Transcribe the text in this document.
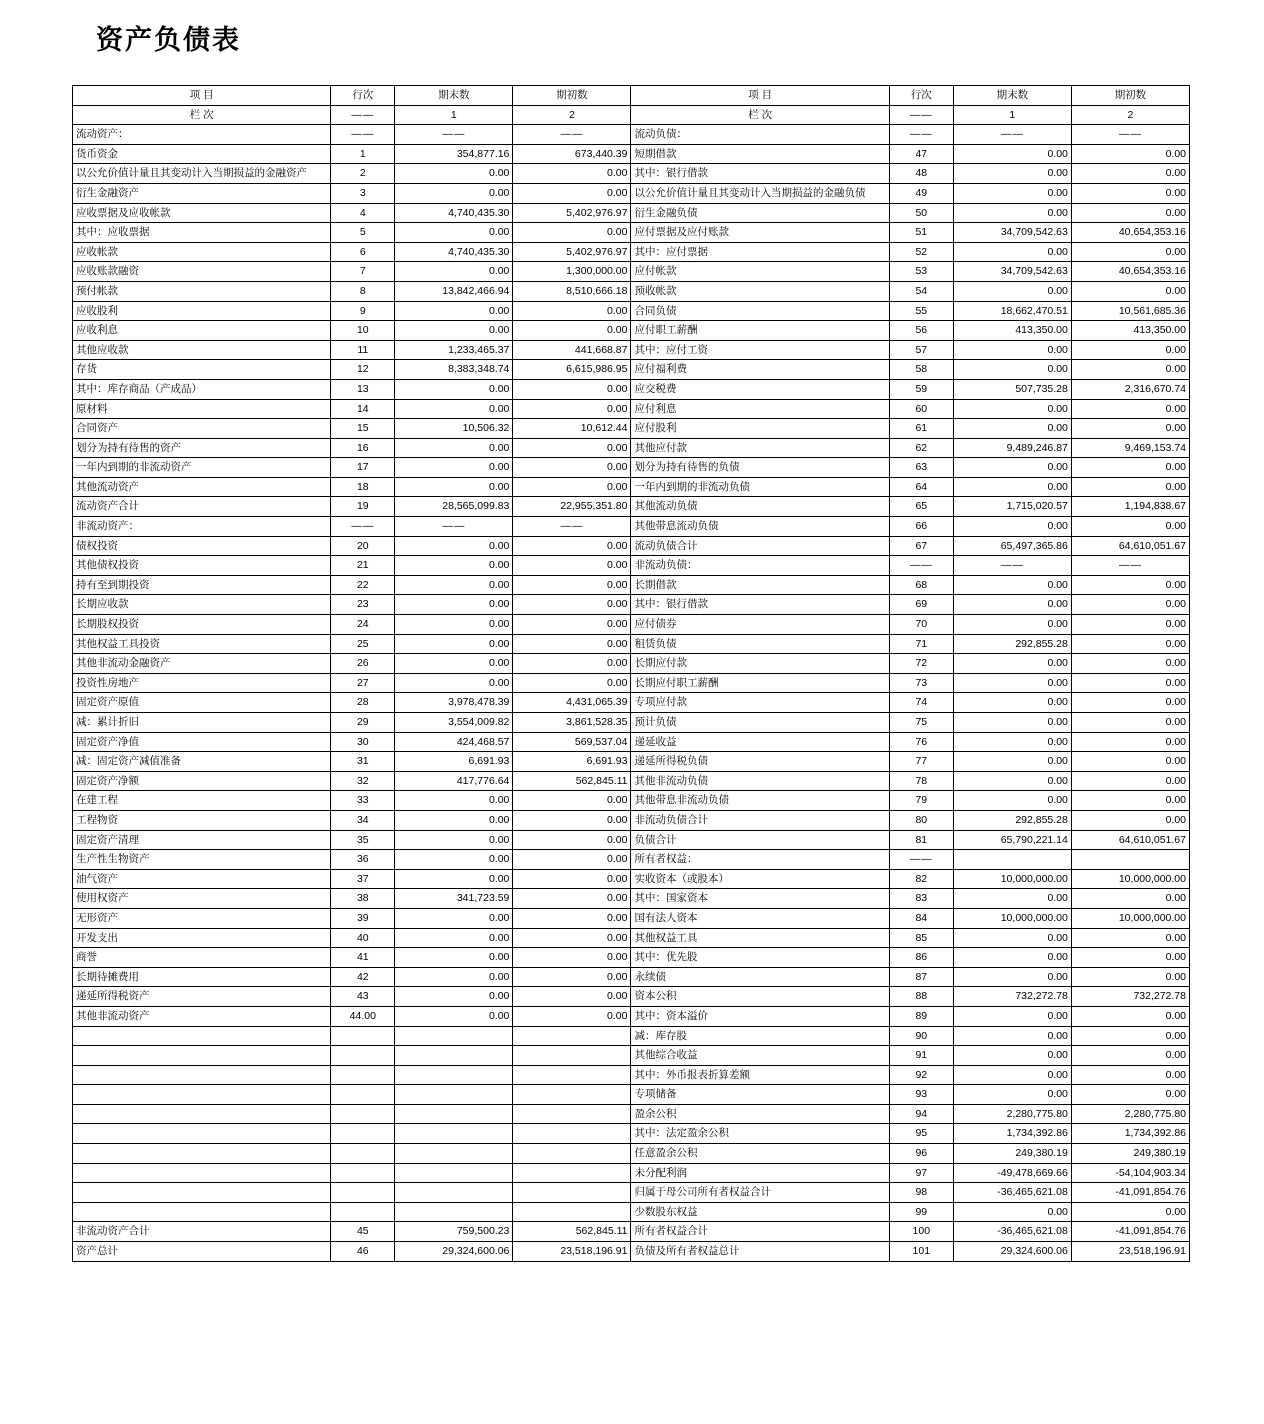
资产负债表
项 目	行次	期末数	期初数	项 目	行次	期末数	期初数
栏 次	——	1	2	栏 次	——	1	2
流动资产：	——	——	——	流动负债：	——	——	——
货币资金	1	354,877.16	673,440.39	短期借款	47	0.00	0.00
以公允价值计量且其变动计入当期损益的金融资产	2	0.00	0.00	其中：银行借款	48	0.00	0.00
衍生金融资产	3	0.00	0.00	以公允价值计量且其变动计入当期损益的金融负债	49	0.00	0.00
应收票据及应收帐款	4	4,740,435.30	5,402,976.97	衍生金融负债	50	0.00	0.00
其中：应收票据	5	0.00	0.00	应付票据及应付账款	51	34,709,542.63	40,654,353.16
应收帐款	6	4,740,435.30	5,402,976.97	其中：应付票据	52	0.00	0.00
应收账款融资	7	0.00	1,300,000.00	应付帐款	53	34,709,542.63	40,654,353.16
预付帐款	8	13,842,466.94	8,510,666.18	预收帐款	54	0.00	0.00
应收股利	9	0.00	0.00	合同负债	55	18,662,470.51	10,561,685.36
应收利息	10	0.00	0.00	应付职工薪酬	56	413,350.00	413,350.00
其他应收款	11	1,233,465.37	441,668.87	其中：应付工资	57	0.00	0.00
存货	12	8,383,348.74	6,615,986.95	应付福利费	58	0.00	0.00
其中：库存商品（产成品）	13	0.00	0.00	应交税费	59	507,735.28	2,316,670.74
原材料	14	0.00	0.00	应付利息	60	0.00	0.00
合同资产	15	10,506.32	10,612.44	应付股利	61	0.00	0.00
划分为持有待售的资产	16	0.00	0.00	其他应付款	62	9,489,246.87	9,469,153.74
一年内到期的非流动资产	17	0.00	0.00	划分为持有待售的负债	63	0.00	0.00
其他流动资产	18	0.00	0.00	一年内到期的非流动负债	64	0.00	0.00
流动资产合计	19	28,565,099.83	22,955,351.80	其他流动负债	65	1,715,020.57	1,194,838.67
非流动资产：	——	——	——	其他带息流动负债	66	0.00	0.00
债权投资	20	0.00	0.00	流动负债合计	67	65,497,365.86	64,610,051.67
其他债权投资	21	0.00	0.00	非流动负债：	——	——	——
持有至到期投资	22	0.00	0.00	长期借款	68	0.00	0.00
长期应收款	23	0.00	0.00	其中：银行借款	69	0.00	0.00
长期股权投资	24	0.00	0.00	应付债券	70	0.00	0.00
其他权益工具投资	25	0.00	0.00	租赁负债	71	292,855.28	0.00
其他非流动金融资产	26	0.00	0.00	长期应付款	72	0.00	0.00
投资性房地产	27	0.00	0.00	长期应付职工薪酬	73	0.00	0.00
固定资产原值	28	3,978,478.39	4,431,065.39	专项应付款	74	0.00	0.00
减：累计折旧	29	3,554,009.82	3,861,528.35	预计负债	75	0.00	0.00
固定资产净值	30	424,468.57	569,537.04	递延收益	76	0.00	0.00
减：固定资产减值准备	31	6,691.93	6,691.93	递延所得税负债	77	0.00	0.00
固定资产净额	32	417,776.64	562,845.11	其他非流动负债	78	0.00	0.00
在建工程	33	0.00	0.00	其他带息非流动负债	79	0.00	0.00
工程物资	34	0.00	0.00	非流动负债合计	80	292,855.28	0.00
固定资产清理	35	0.00	0.00	负债合计	81	65,790,221.14	64,610,051.67
生产性生物资产	36	0.00	0.00	所有者权益：	——		
油气资产	37	0.00	0.00	实收资本（或股本）	82	10,000,000.00	10,000,000.00
使用权资产	38	341,723.59	0.00	其中：国家资本	83	0.00	0.00
无形资产	39	0.00	0.00	国有法人资本	84	10,000,000.00	10,000,000.00
开发支出	40	0.00	0.00	其他权益工具	85	0.00	0.00
商誉	41	0.00	0.00	其中：优先股	86	0.00	0.00
长期待摊费用	42	0.00	0.00	永续债	87	0.00	0.00
递延所得税资产	43	0.00	0.00	资本公积	88	732,272.78	732,272.78
其他非流动资产	44.00	0.00	0.00	其中：资本溢价	89	0.00	0.00
				减：库存股	90	0.00	0.00
				其他综合收益	91	0.00	0.00
				其中：外币报表折算差额	92	0.00	0.00
				专项储备	93	0.00	0.00
				盈余公积	94	2,280,775.80	2,280,775.80
				其中：法定盈余公积	95	1,734,392.86	1,734,392.86
				任意盈余公积	96	249,380.19	249,380.19
				未分配利润	97	-49,478,669.66	-54,104,903.34
				归属于母公司所有者权益合计	98	-36,465,621.08	-41,091,854.76
				少数股东权益	99	0.00	0.00
非流动资产合计	45	759,500.23	562,845.11	所有者权益合计	100	-36,465,621.08	-41,091,854.76
资产总计	46	29,324,600.06	23,518,196.91	负债及所有者权益总计	101	29,324,600.06	23,518,196.91
